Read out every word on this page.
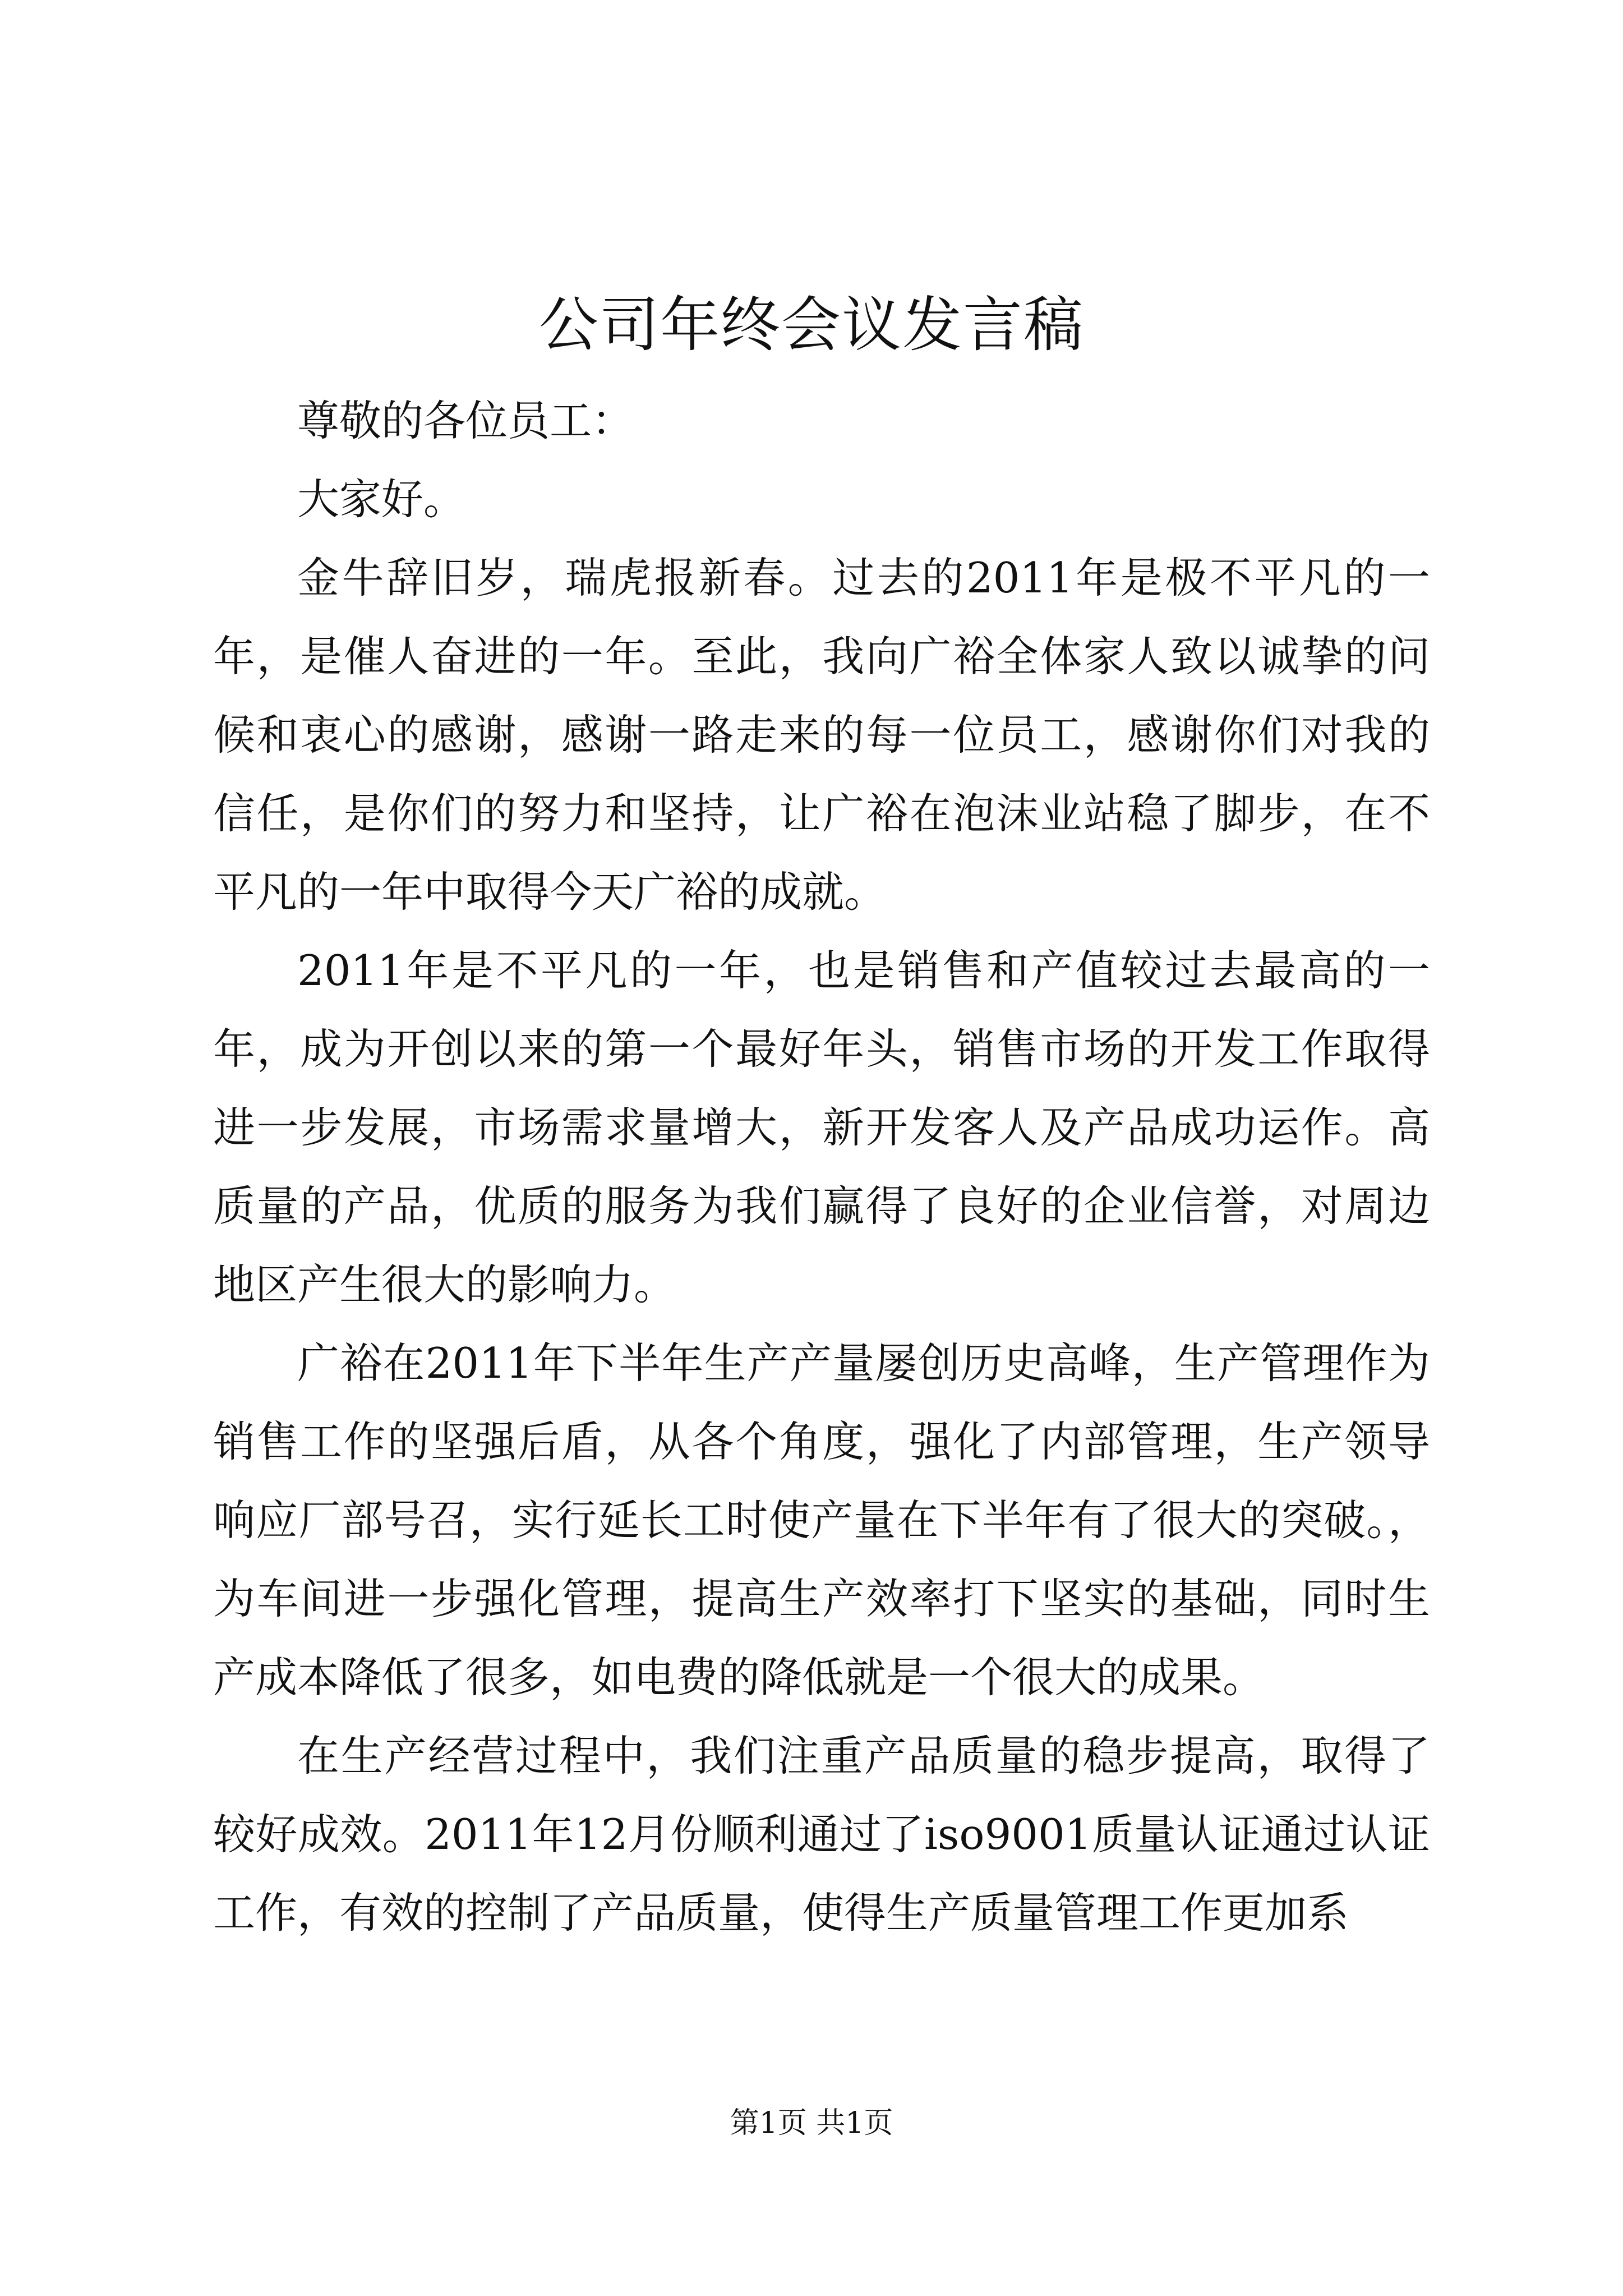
公司年终会议发言稿

尊敬的各位员工：

大家好。

金牛辞旧岁，瑞虎报新春。过去的2011年是极不平凡的一年，是催人奋进的一年。至此，我向广裕全体家人致以诚挚的问候和衷心的感谢，感谢一路走来的每一位员工，感谢你们对我的信任，是你们的努力和坚持，让广裕在泡沫业站稳了脚步，在不平凡的一年中取得今天广裕的成就。

2011年是不平凡的一年，也是销售和产值较过去最高的一年，成为开创以来的第一个最好年头，销售市场的开发工作取得进一步发展，市场需求量增大，新开发客人及产品成功运作。高质量的产品，优质的服务为我们赢得了良好的企业信誉，对周边地区产生很大的影响力。

广裕在2011年下半年生产产量屡创历史高峰，生产管理作为销售工作的坚强后盾，从各个角度，强化了内部管理，生产领导响应厂部号召，实行延长工时使产量在下半年有了很大的突破。，为车间进一步强化管理，提高生产效率打下坚实的基础，同时生产成本降低了很多，如电费的降低就是一个很大的成果。

在生产经营过程中，我们注重产品质量的稳步提高，取得了较好成效。2011年12月份顺利通过了iso9001质量认证通过认证工作，有效的控制了产品质量，使得生产质量管理工作更加系

第1页 共1页
